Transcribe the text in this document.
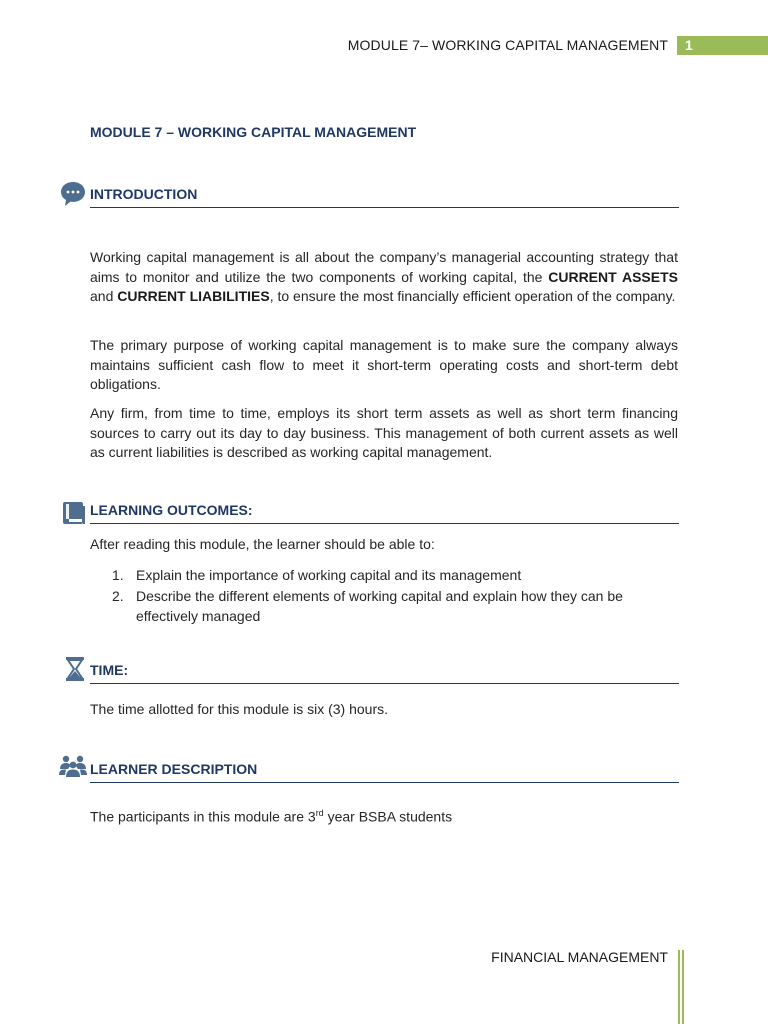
MODULE 7– WORKING CAPITAL MANAGEMENT	1
MODULE 7 – WORKING CAPITAL MANAGEMENT
INTRODUCTION
Working capital management is all about the company’s managerial accounting strategy that aims to monitor and utilize the two components of working capital, the CURRENT ASSETS and CURRENT LIABILITIES, to ensure the most financially efficient operation of the company.
The primary purpose of working capital management is to make sure the company always maintains sufficient cash flow to meet it short-term operating costs and short-term debt obligations.
Any firm, from time to time, employs its short term assets as well as short term financing sources to carry out its day to day business. This management of both current assets as well as current liabilities is described as working capital management.
LEARNING OUTCOMES:
After reading this module, the learner should be able to:
1. Explain the importance of working capital and its management
2. Describe the different elements of working capital and explain how they can be effectively managed
TIME:
The time allotted for this module is six (3) hours.
LEARNER DESCRIPTION
The participants in this module are 3rd year BSBA students
FINANCIAL MANAGEMENT
